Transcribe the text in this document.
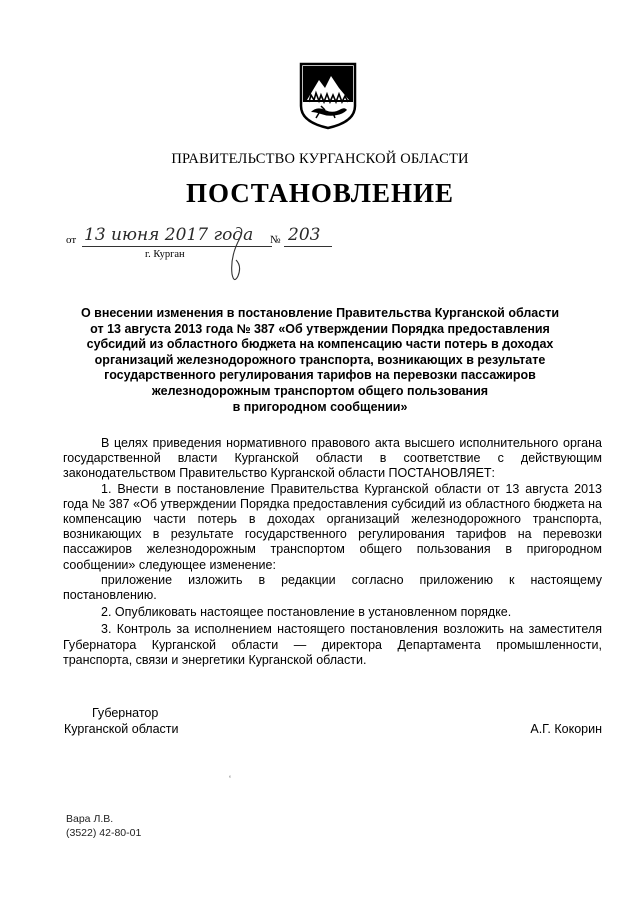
ПРАВИТЕЛЬСТВО КУРГАНСКОЙ ОБЛАСТИ
ПОСТАНОВЛЕНИЕ
от 13 июня 2017 года № 203
г. Курган
О внесении изменения в постановление Правительства Курганской области
от 13 августа 2013 года № 387 «Об утверждении Порядка предоставления
субсидий из областного бюджета на компенсацию части потерь в доходах
организаций железнодорожного транспорта, возникающих в результате
государственного регулирования тарифов на перевозки пассажиров
железнодорожным транспортом общего пользования
в пригородном сообщении»

В целях приведения нормативного правового акта высшего исполнительного органа государственной власти Курганской области в соответствие с действующим законодательством Правительство Курганской области ПОСТАНОВЛЯЕТ:

1. Внести в постановление Правительства Курганской области от 13 августа 2013 года № 387 «Об утверждении Порядка предоставления субсидий из областного бюджета на компенсацию части потерь в доходах организаций железнодорожного транспорта, возникающих в результате государственного регулирования тарифов на перевозки пассажиров железнодорожным транспортом общего пользования в пригородном сообщении» следующее изменение:

приложение изложить в редакции согласно приложению к настоящему постановлению.

2. Опубликовать настоящее постановление в установленном порядке.

3. Контроль за исполнением настоящего постановления возложить на заместителя Губернатора Курганской области — директора Департамента промышленности, транспорта, связи и энергетики Курганской области.

Губернатор
Курганской области	А.Г. Кокорин
‘
Вара Л.В.
(3522) 42-80-01
